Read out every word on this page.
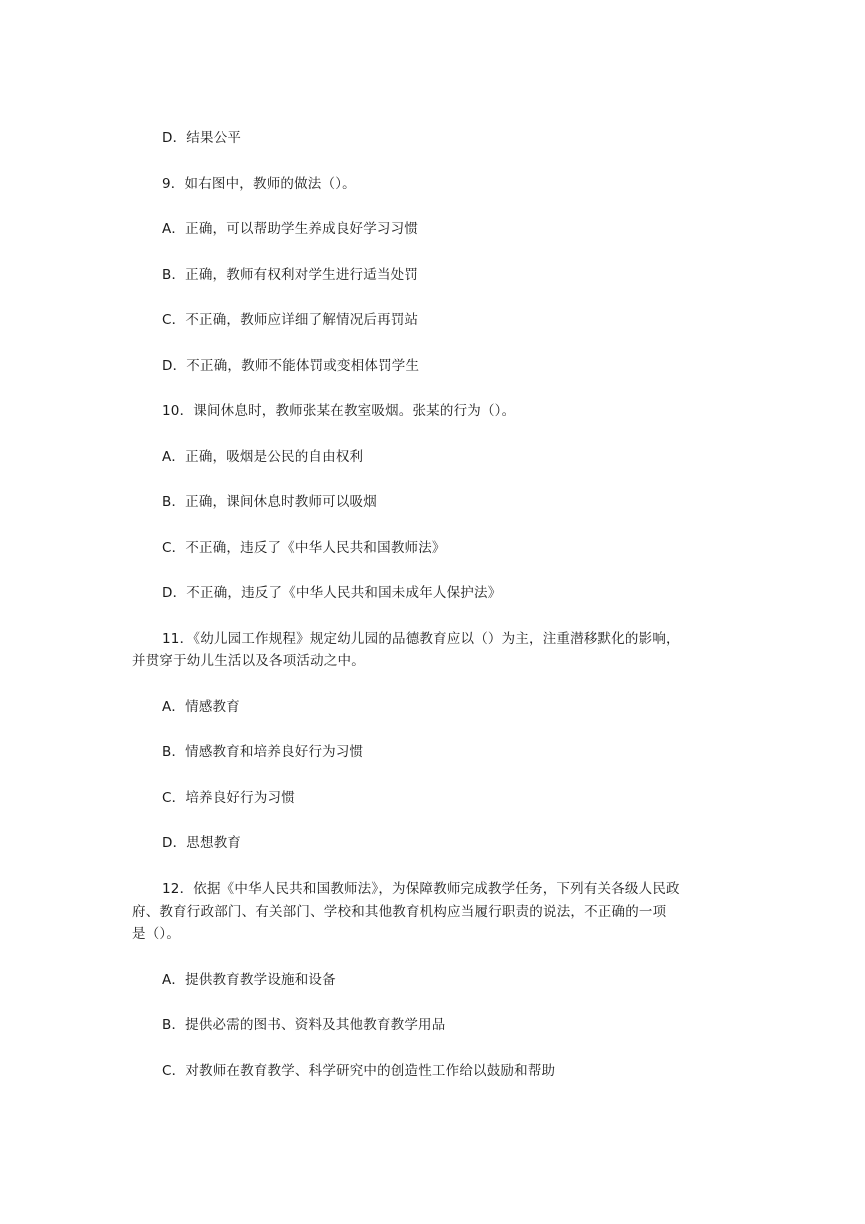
D．结果公平
9．如右图中，教师的做法（）。
A．正确，可以帮助学生养成良好学习习惯
B．正确，教师有权利对学生进行适当处罚
C．不正确，教师应详细了解情况后再罚站
D．不正确，教师不能体罚或变相体罚学生
10．课间休息时，教师张某在教室吸烟。张某的行为（）。
A．正确，吸烟是公民的自由权利
B．正确，课间休息时教师可以吸烟
C．不正确，违反了《中华人民共和国教师法》
D．不正确，违反了《中华人民共和国未成年人保护法》
11．《幼儿园工作规程》规定幼儿园的品德教育应以（）为主，注重潜移默化的影响，
并贯穿于幼儿生活以及各项活动之中。
A．情感教育
B．情感教育和培养良好行为习惯
C．培养良好行为习惯
D．思想教育
12．依据《中华人民共和国教师法》，为保障教师完成教学任务，下列有关各级人民政
府、教育行政部门、有关部门、学校和其他教育机构应当履行职责的说法，不正确的一项
是（）。
A．提供教育教学设施和设备
B．提供必需的图书、资料及其他教育教学用品
C．对教师在教育教学、科学研究中的创造性工作给以鼓励和帮助
